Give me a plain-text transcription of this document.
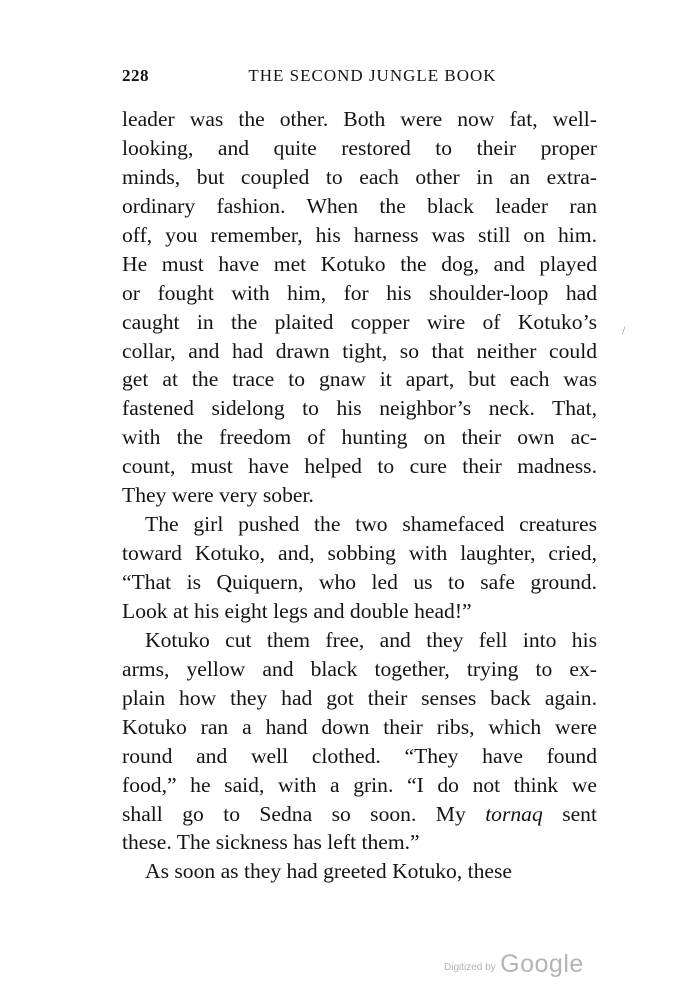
228	THE SECOND JUNGLE BOOK
leader was the other. Both were now fat, well-
looking, and quite restored to their proper
minds, but coupled to each other in an extra-
ordinary fashion. When the black leader ran
off, you remember, his harness was still on him.
He must have met Kotuko the dog, and played
or fought with him, for his shoulder-loop had
caught in the plaited copper wire of Kotuko’s
collar, and had drawn tight, so that neither could
get at the trace to gnaw it apart, but each was
fastened sidelong to his neighbor’s neck. That,
with the freedom of hunting on their own ac-
count, must have helped to cure their madness.
They were very sober.
The girl pushed the two shamefaced creatures
toward Kotuko, and, sobbing with laughter, cried,
“That is Quiquern, who led us to safe ground.
Look at his eight legs and double head!”
Kotuko cut them free, and they fell into his
arms, yellow and black together, trying to ex-
plain how they had got their senses back again.
Kotuko ran a hand down their ribs, which were
round and well clothed. “They have found
food,” he said, with a grin. “I do not think we
shall go to Sedna so soon. My tornaq sent
these. The sickness has left them.”
As soon as they had greeted Kotuko, these
/
Digitized by Google
